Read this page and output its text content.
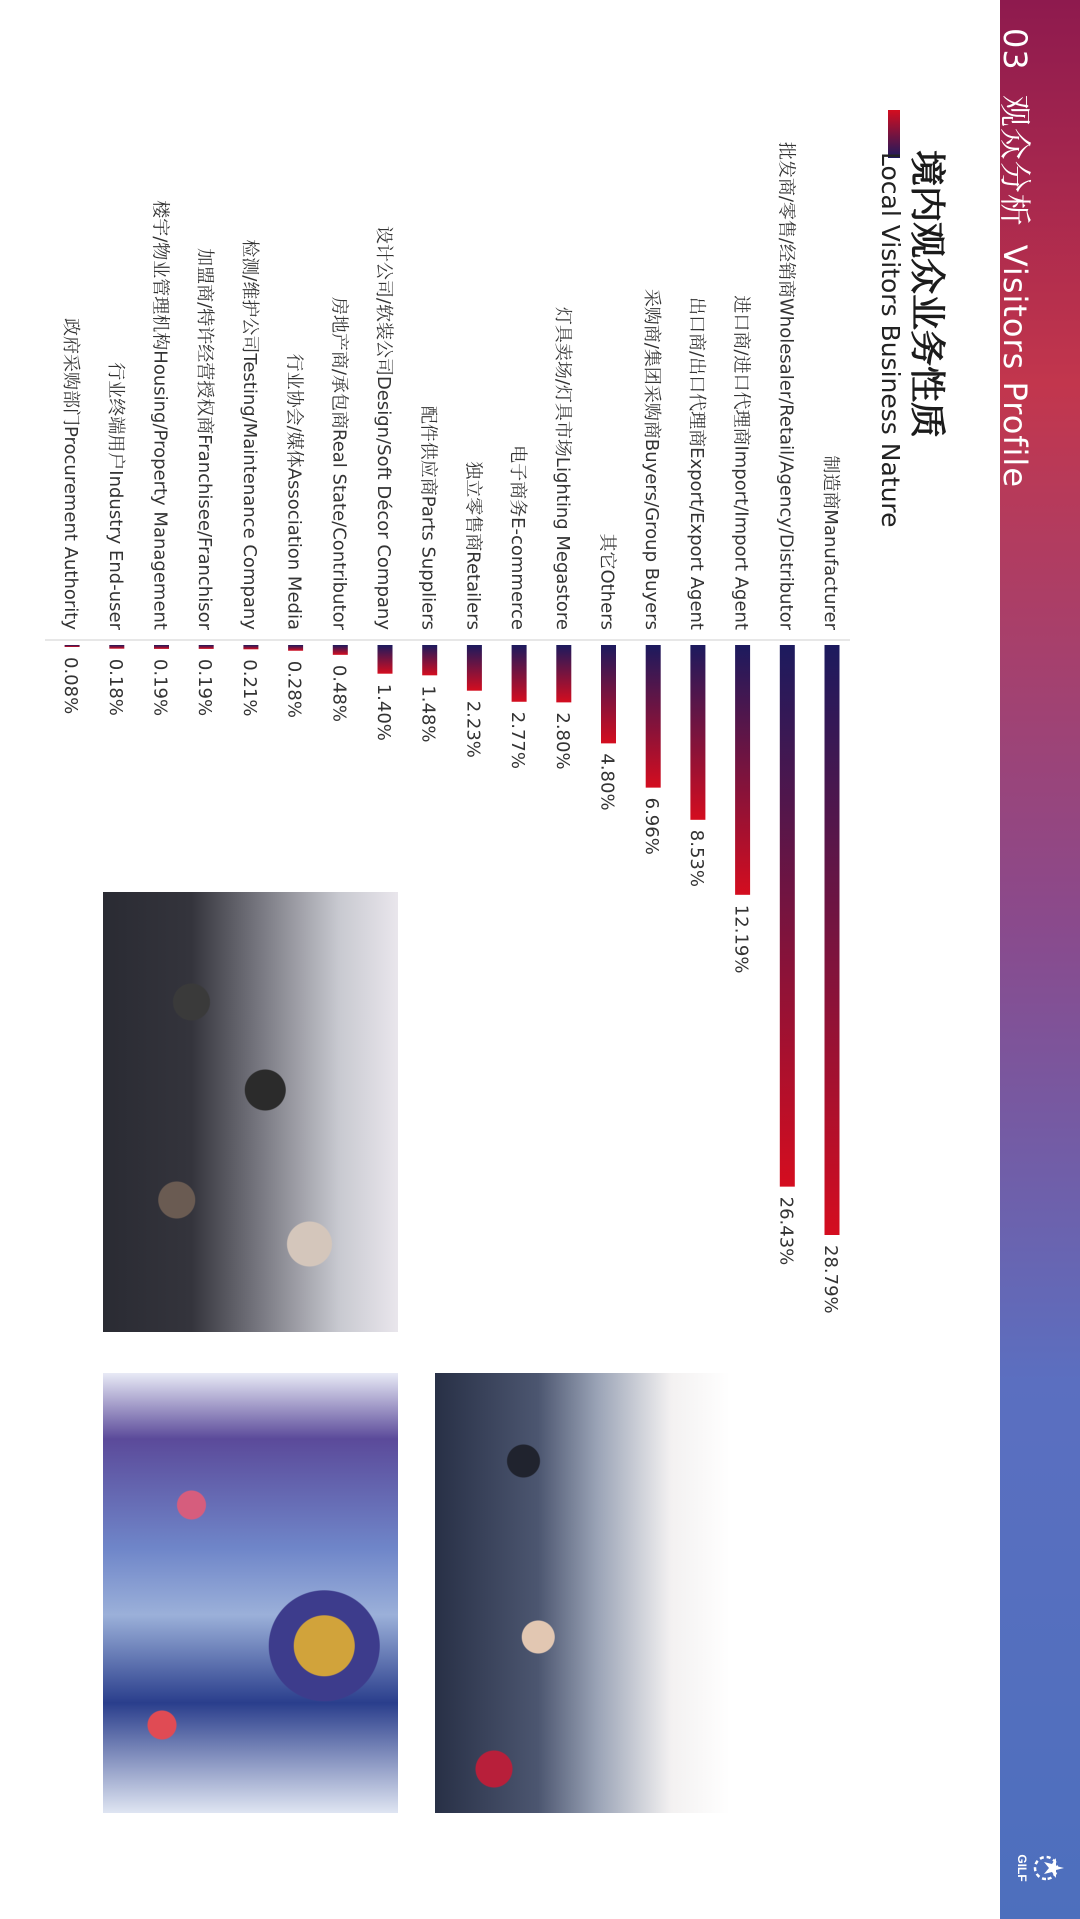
03观众分析Visitors Profile
GILF
境内观众业务性质
Local Visitors Business Nature
制造商Manufacturer
批发商/零售/经销商Wholesaler/Retail/Agency/Distributor
进口商/进口代理商Import/Import Agent
出口商/出口代理商Export/Export Agent
采购商/集团采购商Buyers/Group Buyers
其它Others
灯具卖场/灯具市场Lighting Megastore
电子商务E-commerce
独立零售商Retailers
配件供应商Parts Suppliers
设计公司/软装公司Design/Soft Décor Company
房地产商/承包商Real State/Contributor
行业协会/媒体Association Media
检测/维护公司Testing/Maintenance Company
加盟商/特许经营授权商Franchisee/Franchisor
楼宇/物业管理机构Housing/Property Management
行业终端用户Industry End-user
政府采购部门Procurement Authority
28.79%
26.43%
12.19%
8.53%
6.96%
4.80%
2.80%
2.77%
2.23%
1.48%
1.40%
0.48%
0.28%
0.21%
0.19%
0.19%
0.18%
0.08%
